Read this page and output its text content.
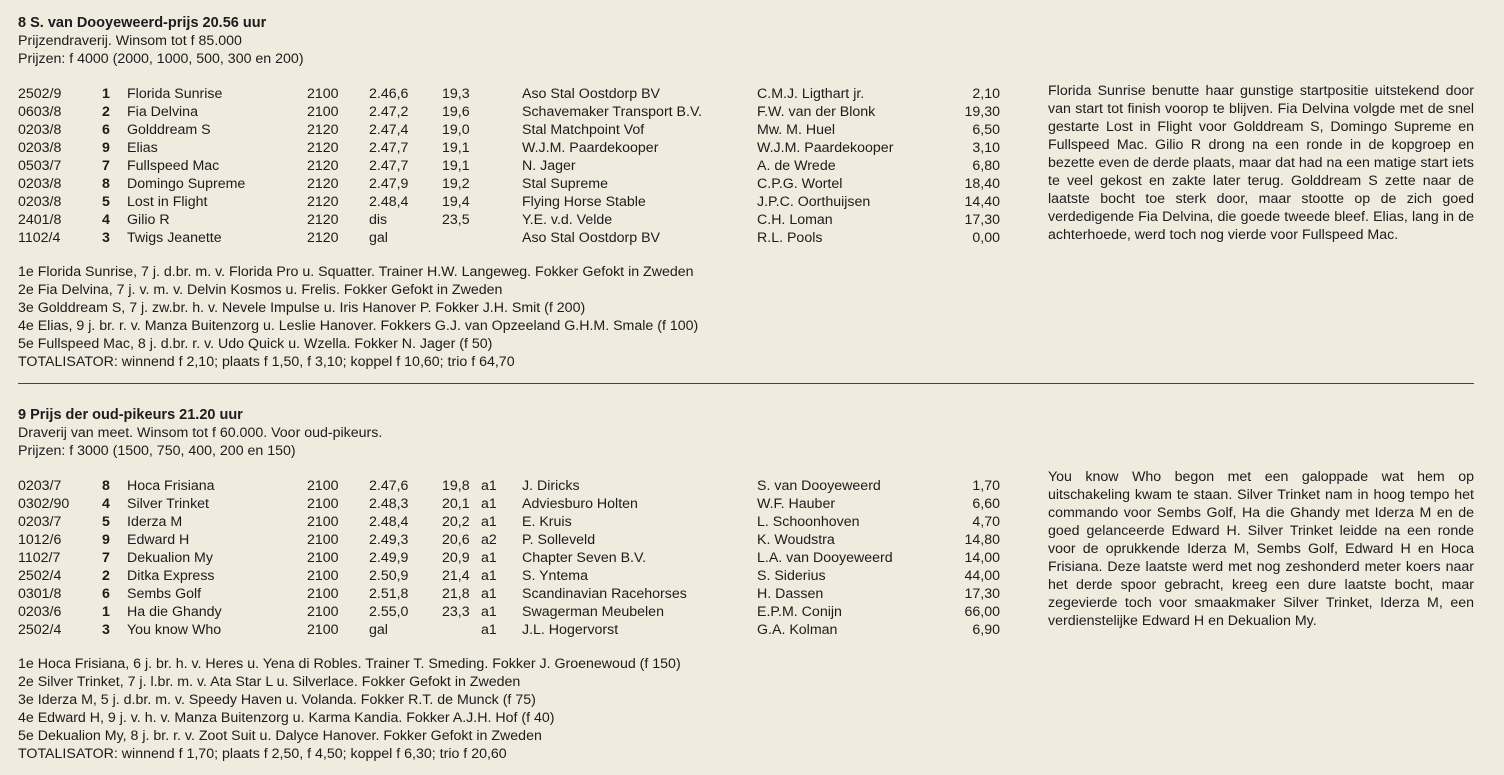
8 S. van Dooyeweerd-prijs 20.56 uur
Prijzendraverij. Winsom tot f 85.000
Prijzen: f 4000 (2000, 1000, 500, 300 en 200)
2502/9	1 Florida Sunrise	2100 2.46,6 19,3	Aso Stal Oostdorp BV	C.M.J. Ligthart jr.	2,10
0603/8	2 Fia Delvina	2100 2.47,2 19,6	Schavemaker Transport B.V.	F.W. van der Blonk	19,30
0203/8	6 Golddream S	2120 2.47,4 19,0	Stal Matchpoint Vof	Mw. M. Huel	6,50
0203/8	9 Elias	2120 2.47,7 19,1	W.J.M. Paardekooper	W.J.M. Paardekooper	3,10
0503/7	7 Fullspeed Mac	2120 2.47,7 19,1	N. Jager	A. de Wrede	6,80
0203/8	8 Domingo Supreme	2120 2.47,9 19,2	Stal Supreme	C.P.G. Wortel	18,40
0203/8	5 Lost in Flight	2120 2.48,4 19,4	Flying Horse Stable	J.P.C. Oorthuijsen	14,40
2401/8	4 Gilio R	2120 dis	23,5	Y.E. v.d. Velde	C.H. Loman	17,30
1102/4	3 Twigs Jeanette	2120 gal	Aso Stal Oostdorp BV	R.L. Pools	0,00
1e Florida Sunrise, 7 j. d.br. m. v. Florida Pro u. Squatter. Trainer H.W. Langeweg. Fokker Gefokt in Zweden
2e Fia Delvina, 7 j. v. m. v. Delvin Kosmos u. Frelis. Fokker Gefokt in Zweden
3e Golddream S, 7 j. zw.br. h. v. Nevele Impulse u. Iris Hanover P. Fokker J.H. Smit (f 200)
4e Elias, 9 j. br. r. v. Manza Buitenzorg u. Leslie Hanover. Fokkers G.J. van Opzeeland G.H.M. Smale (f 100)
5e Fullspeed Mac, 8 j. d.br. r. v. Udo Quick u. Wzella. Fokker N. Jager (f 50)
TOTALISATOR: winnend f 2,10; plaats f 1,50, f 3,10; koppel f 10,60; trio f 64,70
Florida Sunrise benutte haar gunstige startpositie uitstekend door van start tot finish voorop te blijven. Fia Delvina volgde met de snel gestarte Lost in Flight voor Golddream S, Domingo Supreme en Fullspeed Mac. Gilio R drong na een ronde in de kopgroep en bezette even de derde plaats, maar dat had na een matige start iets te veel gekost en zakte later terug. Golddream S zette naar de laatste bocht toe sterk door, maar stootte op de zich goed verdedigende Fia Delvina, die goede tweede bleef. Elias, lang in de achterhoede, werd toch nog vierde voor Fullspeed Mac.
9 Prijs der oud-pikeurs 21.20 uur
Draverij van meet. Winsom tot f 60.000. Voor oud-pikeurs.
Prijzen: f 3000 (1500, 750, 400, 200 en 150)
0203/7	8 Hoca Frisiana	2100 2.47,6 19,8 a1 J. Diricks	S. van Dooyeweerd	1,70
0302/90 4 Silver Trinket	2100 2.48,3 20,1 a1 Adviesburo Holten	W.F. Hauber	6,60
0203/7	5 Iderza M	2100 2.48,4 20,2 a1 E. Kruis	L. Schoonhoven	4,70
1012/6	9 Edward H	2100 2.49,3 20,6 a2 P. Solleveld	K. Woudstra	14,80
1102/7	7 Dekualion My	2100 2.49,9 20,9 a1 Chapter Seven B.V.	L.A. van Dooyeweerd	14,00
2502/4	2 Ditka Express	2100 2.50,9 21,4 a1 S. Yntema	S. Siderius	44,00
0301/8	6 Sembs Golf	2100 2.51,8 21,8 a1 Scandinavian Racehorses	H. Dassen	17,30
0203/6	1 Ha die Ghandy	2100 2.55,0 23,3 a1 Swagerman Meubelen	E.P.M. Conijn	66,00
2502/4	3 You know Who	2100 gal	a1 J.L. Hogervorst	G.A. Kolman	6,90
1e Hoca Frisiana, 6 j. br. h. v. Heres u. Yena di Robles. Trainer T. Smeding. Fokker J. Groenewoud (f 150)
2e Silver Trinket, 7 j. l.br. m. v. Ata Star L u. Silverlace. Fokker Gefokt in Zweden
3e Iderza M, 5 j. d.br. m. v. Speedy Haven u. Volanda. Fokker R.T. de Munck (f 75)
4e Edward H, 9 j. v. h. v. Manza Buitenzorg u. Karma Kandia. Fokker A.J.H. Hof (f 40)
5e Dekualion My, 8 j. br. r. v. Zoot Suit u. Dalyce Hanover. Fokker Gefokt in Zweden
TOTALISATOR: winnend f 1,70; plaats f 2,50, f 4,50; koppel f 6,30; trio f 20,60
You know Who begon met een galoppade wat hem op uitschakeling kwam te staan. Silver Trinket nam in hoog tempo het commando voor Sembs Golf, Ha die Ghandy met Iderza M en de goed gelanceerde Edward H. Silver Trinket leidde na een ronde voor de oprukkende Iderza M, Sembs Golf, Edward H en Hoca Frisiana. Deze laatste werd met nog zeshonderd meter koers naar het derde spoor gebracht, kreeg een dure laatste bocht, maar zegevierde toch voor smaakmaker Silver Trinket, Iderza M, een verdienstelijke Edward H en Dekualion My.
